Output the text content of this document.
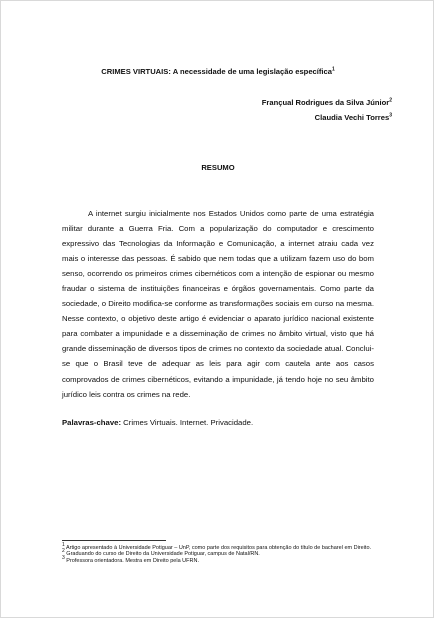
CRIMES VIRTUAIS: A necessidade de uma legislação específica$^1$
Françual Rodrigues da Silva Júnior$^2$
Claudia Vechi Torres$^3$
RESUMO

A internet surgiu inicialmente nos Estados Unidos como parte de uma estratégia militar durante a Guerra Fria. Com a popularização do computador e crescimento expressivo das Tecnologias da Informação e Comunicação, a internet atraiu cada vez mais o interesse das pessoas. É sabido que nem todas que a utilizam fazem uso do bom senso, ocorrendo os primeiros crimes cibernéticos com a intenção de espionar ou mesmo fraudar o sistema de instituições financeiras e órgãos governamentais. Como parte da sociedade, o Direito modifica-se conforme as transformações sociais em curso na mesma. Nesse contexto, o objetivo deste artigo é evidenciar o aparato jurídico nacional existente para combater a impunidade e a disseminação de crimes no âmbito virtual, visto que há grande disseminação de diversos tipos de crimes no contexto da sociedade atual. Conclui-se que o Brasil teve de adequar as leis para agir com cautela ante aos casos comprovados de crimes cibernéticos, evitando a impunidade, já tendo hoje no seu âmbito jurídico leis contra os crimes na rede.

Palavras-chave: Crimes Virtuais. Internet. Privacidade.

$^1$ Artigo apresentado à Universidade Potiguar – UnP, como parte dos requisitos para obtenção do título de bacharel em Direito.

$^2$ Graduando do curso de Direito da Universidade Potiguar, campus de Natal/RN.

$^3$ Professora orientadora. Mestra em Direito pela UFRN.
